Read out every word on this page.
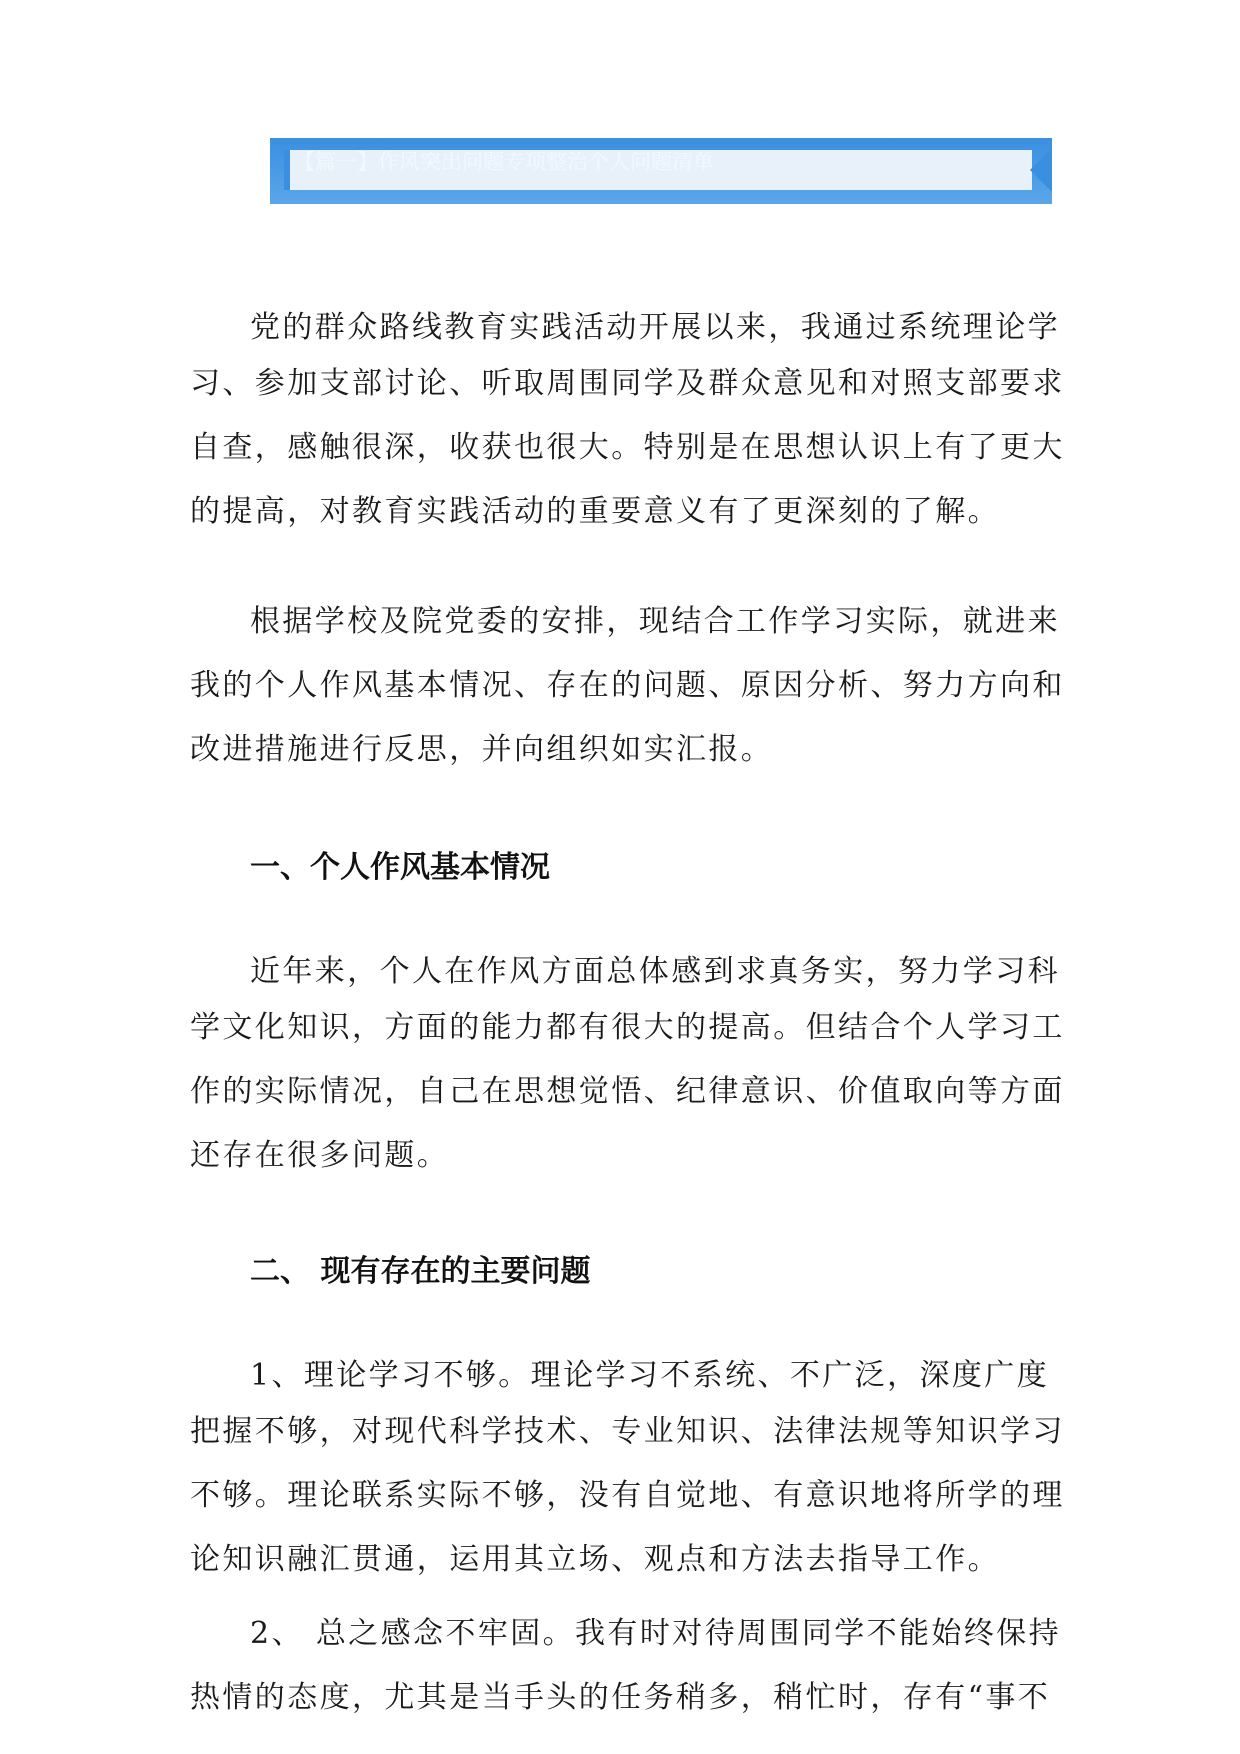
【篇一】作风突出问题专项整治个人问题清单
党的群众路线教育实践活动开展以来，我通过系统理论学
习、参加支部讨论、听取周围同学及群众意见和对照支部要求
自查，感触很深，收获也很大。特别是在思想认识上有了更大
的提高，对教育实践活动的重要意义有了更深刻的了解。
根据学校及院党委的安排，现结合工作学习实际，就进来
我的个人作风基本情况、存在的问题、原因分析、努力方向和
改进措施进行反思，并向组织如实汇报。
一、个人作风基本情况
近年来，个人在作风方面总体感到求真务实，努力学习科
学文化知识，方面的能力都有很大的提高。但结合个人学习工
作的实际情况，自己在思想觉悟、纪律意识、价值取向等方面
还存在很多问题。
二、 现有存在的主要问题
1、理论学习不够。理论学习不系统、不广泛，深度广度
把握不够，对现代科学技术、专业知识、法律法规等知识学习
不够。理论联系实际不够，没有自觉地、有意识地将所学的理
论知识融汇贯通，运用其立场、观点和方法去指导工作。
2、 总之感念不牢固。我有时对待周围同学不能始终保持
热情的态度，尤其是当手头的任务稍多，稍忙时，存有“事不
